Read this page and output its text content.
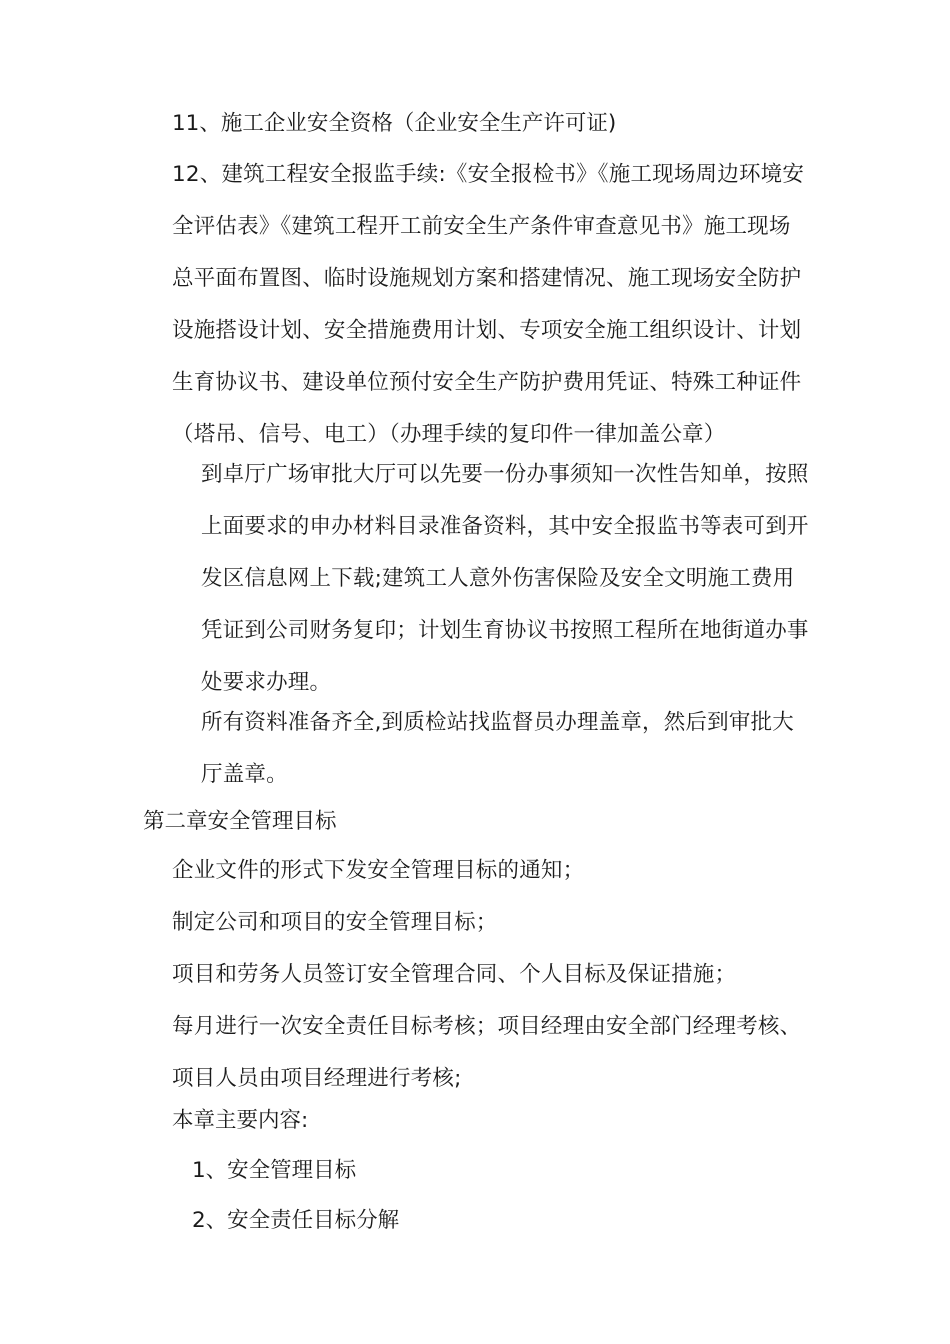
11、施工企业安全资格（企业安全生产许可证)
12、建筑工程安全报监手续:《安全报检书》《施工现场周边环境安
全评估表》《建筑工程开工前安全生产条件审查意见书》施工现场
总平面布置图、临时设施规划方案和搭建情况、施工现场安全防护
设施搭设计划、安全措施费用计划、专项安全施工组织设计、计划
生育协议书、建设单位预付安全生产防护费用凭证、特殊工种证件
（塔吊、信号、电工）（办理手续的复印件一律加盖公章）
到卓厅广场审批大厅可以先要一份办事须知一次性告知单，按照
上面要求的申办材料目录准备资料，其中安全报监书等表可到开
发区信息网上下载;建筑工人意外伤害保险及安全文明施工费用
凭证到公司财务复印；计划生育协议书按照工程所在地街道办事
处要求办理。
所有资料准备齐全,到质检站找监督员办理盖章，然后到审批大
厅盖章。
第二章安全管理目标
企业文件的形式下发安全管理目标的通知；
制定公司和项目的安全管理目标；
项目和劳务人员签订安全管理合同、个人目标及保证措施；
每月进行一次安全责任目标考核；项目经理由安全部门经理考核、
项目人员由项目经理进行考核;
本章主要内容:
1、安全管理目标
2、安全责任目标分解
